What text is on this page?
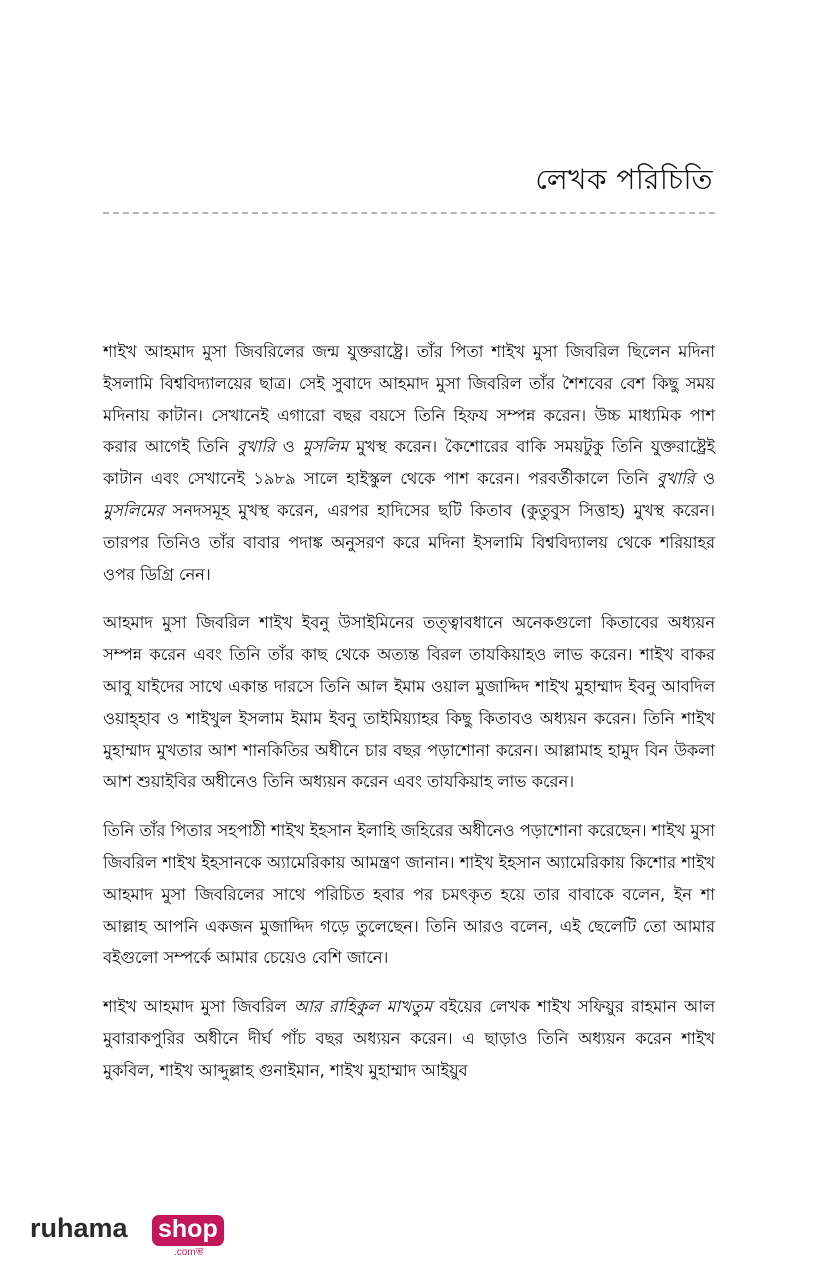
লেখক পরিচিতি

শাইখ আহমাদ মুসা জিবরিলের জন্ম যুক্তরাষ্ট্রে। তাঁর পিতা শাইখ মুসা জিবরিল ছিলেন মদিনা ইসলামি বিশ্ববিদ্যালয়ের ছাত্র। সেই সুবাদে আহমাদ মুসা জিবরিল তাঁর শৈশবের বেশ কিছু সময় মদিনায় কাটান। সেখানেই এগারো বছর বয়সে তিনি হিফয সম্পন্ন করেন। উচ্চ মাধ্যমিক পাশ করার আগেই তিনি বুখারি ও মুসলিম মুখস্থ করেন। কৈশোরের বাকি সময়টুকু তিনি যুক্তরাষ্ট্রেই কাটান এবং সেখানেই ১৯৮৯ সালে হাইস্কুল থেকে পাশ করেন। পরবর্তীকালে তিনি বুখারি ও মুসলিমের সনদসমূহ মুখস্থ করেন, এরপর হাদিসের ছটি কিতাব (কুতুবুস সিত্তাহ) মুখস্থ করেন। তারপর তিনিও তাঁর বাবার পদাঙ্ক অনুসরণ করে মদিনা ইসলামি বিশ্ববিদ্যালয় থেকে শরিয়াহর ওপর ডিগ্রি নেন।

আহমাদ মুসা জিবরিল শাইখ ইবনু উসাইমিনের তত্ত্বাবধানে অনেকগুলো কিতাবের অধ্যয়ন সম্পন্ন করেন এবং তিনি তাঁর কাছ থেকে অত্যন্ত বিরল তাযকিয়াহও লাভ করেন। শাইখ বাকর আবু যাইদের সাথে একান্ত দারসে তিনি আল ইমাম ওয়াল মুজাদ্দিদ শাইখ মুহাম্মাদ ইবনু আবদিল ওয়াহ্হাব ও শাইখুল ইসলাম ইমাম ইবনু তাইমিয়্যাহর কিছু কিতাবও অধ্যয়ন করেন। তিনি শাইখ মুহাম্মাদ মুখতার আশ শানকিতির অধীনে চার বছর পড়াশোনা করেন। আল্লামাহ হামুদ বিন উকলা আশ শুয়াইবির অধীনেও তিনি অধ্যয়ন করেন এবং তাযকিয়াহ লাভ করেন।

তিনি তাঁর পিতার সহপাঠী শাইখ ইহসান ইলাহি জহিরের অধীনেও পড়াশোনা করেছেন। শাইখ মুসা জিবরিল শাইখ ইহসানকে অ্যামেরিকায় আমন্ত্রণ জানান। শাইখ ইহসান অ্যামেরিকায় কিশোর শাইখ আহমাদ মুসা জিবরিলের সাথে পরিচিত হবার পর চমৎকৃত হয়ে তার বাবাকে বলেন, ইন শা আল্লাহ আপনি একজন মুজাদ্দিদ গড়ে তুলেছেন। তিনি আরও বলেন, এই ছেলেটি তো আমার বইগুলো সম্পর্কে আমার চেয়েও বেশি জানে।

শাইখ আহমাদ মুসা জিবরিল আর রাহিকুল মাখতুম বইয়ের লেখক শাইখ সফিয়ুর রাহমান আল মুবারাকপুরির অধীনে দীর্ঘ পাঁচ বছর অধ্যয়ন করেন। এ ছাড়াও তিনি অধ্যয়ন করেন শাইখ মুকবিল, শাইখ আব্দুল্লাহ গুনাইমান, শাইখ মুহাম্মাদ আইয়ুব

ruhama shop
.comম্ভ
